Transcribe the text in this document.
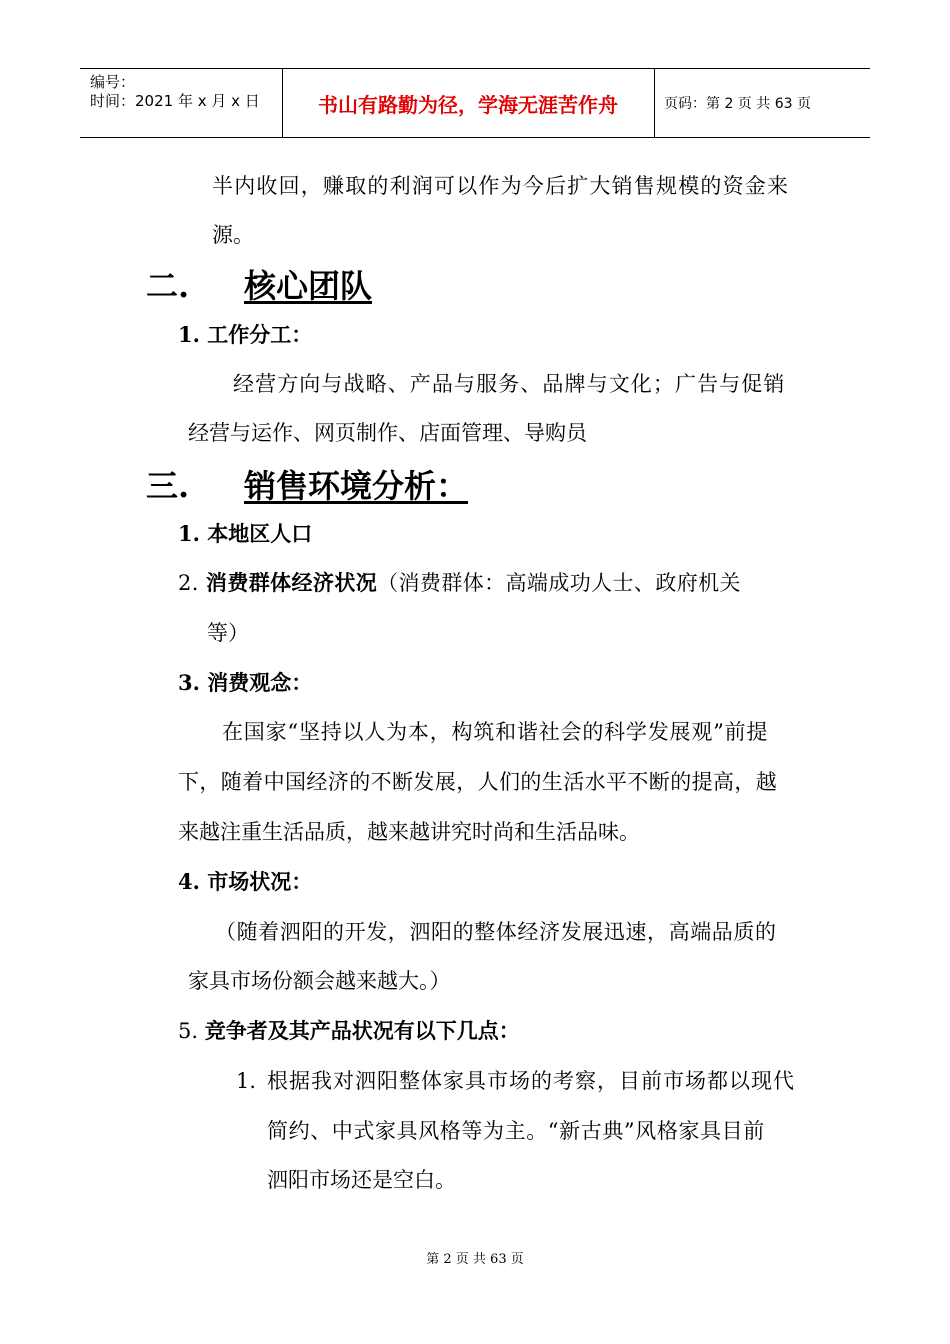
编号：
时间：2021 年 x 月 x 日	书山有路勤为径，学海无涯苦作舟	页码：第 2 页 共 63 页
半内收回，赚取的利润可以作为今后扩大销售规模的资金来
源。
二. 核心团队
1. 工作分工：
经营方向与战略、产品与服务、品牌与文化；广告与促销
经营与运作、网页制作、店面管理、导购员
三. 销售环境分析：
1. 本地区人口
2. 消费群体经济状况（消费群体：高端成功人士、政府机关
等）
3. 消费观念：
在国家“坚持以人为本，构筑和谐社会的科学发展观”前提
下，随着中国经济的不断发展，人们的生活水平不断的提高，越
来越注重生活品质，越来越讲究时尚和生活品味。
4. 市场状况：
（随着泗阳的开发，泗阳的整体经济发展迅速，高端品质的
家具市场份额会越来越大。）
5. 竞争者及其产品状况有以下几点：
1. 根据我对泗阳整体家具市场的考察，目前市场都以现代
简约、中式家具风格等为主。“新古典”风格家具目前
泗阳市场还是空白。
第 2 页 共 63 页
